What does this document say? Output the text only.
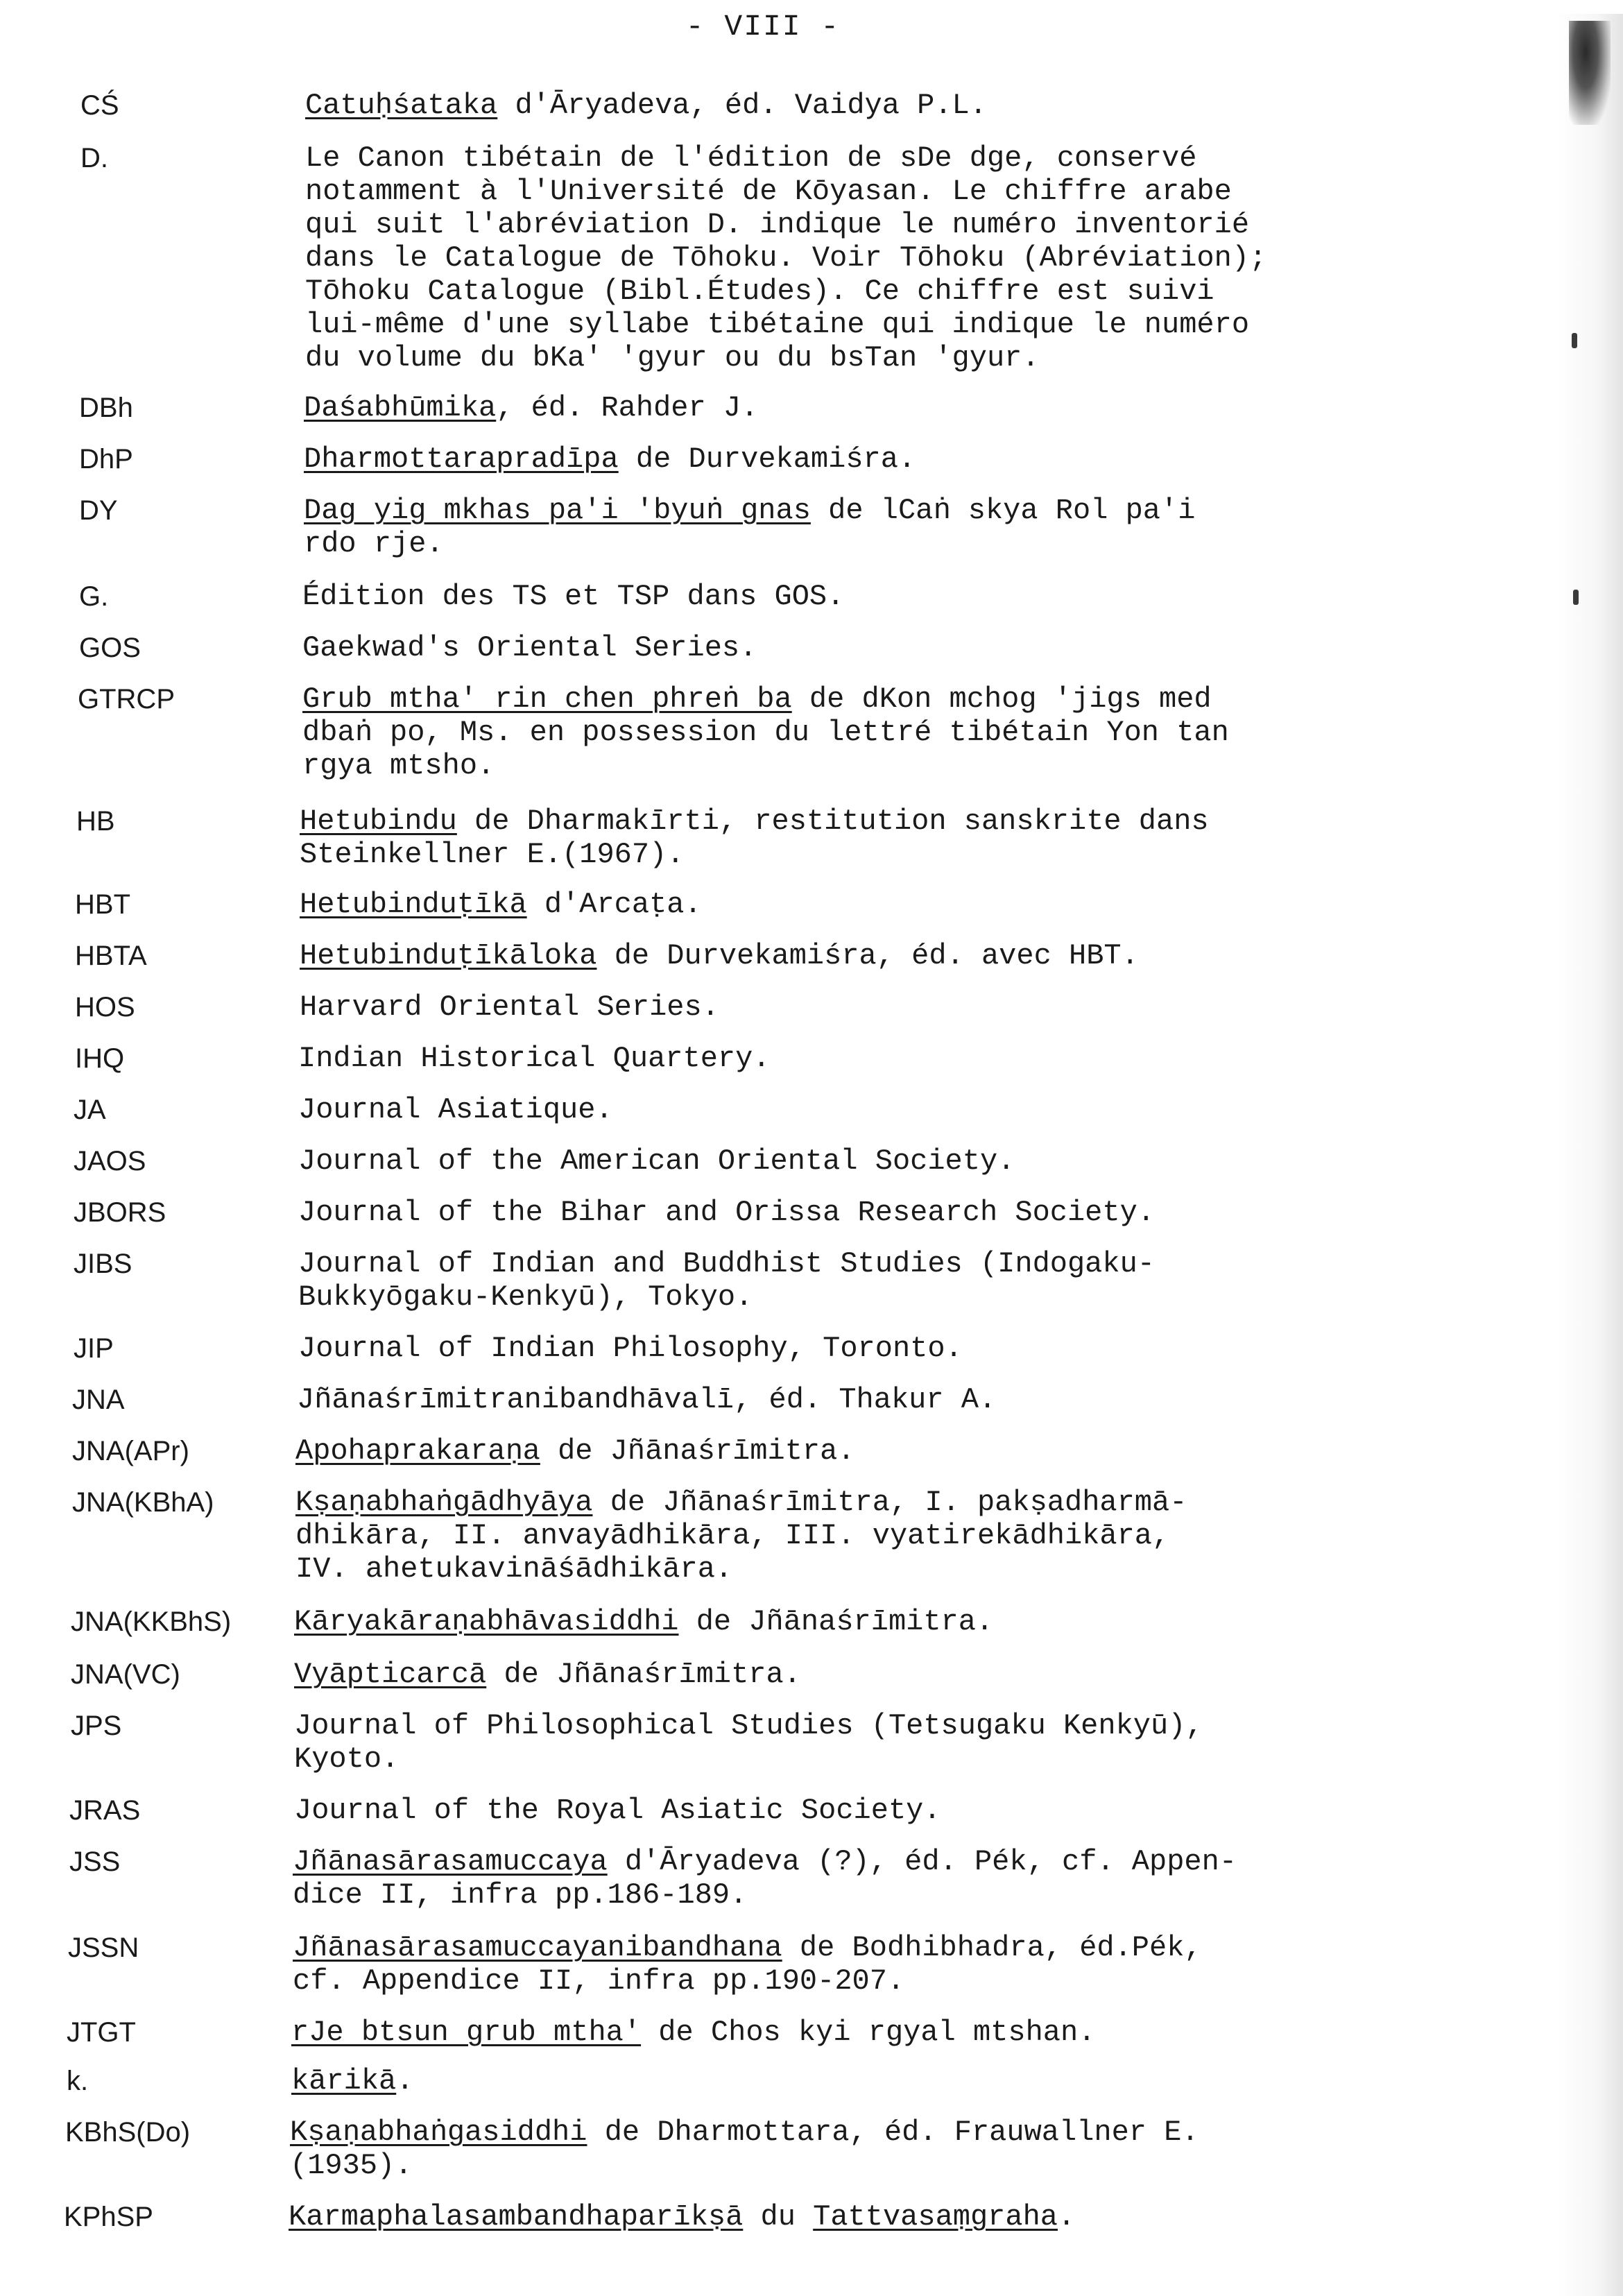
- VIII -
CŚ	Catuḥśataka d'Āryadeva, éd. Vaidya P.L.
D.	Le Canon tibétain de l'édition de sDe dge, conservé
notamment à l'Université de Kōyasan. Le chiffre arabe
qui suit l'abréviation D. indique le numéro inventorié
dans le Catalogue de Tōhoku. Voir Tōhoku (Abréviation);
Tōhoku Catalogue (Bibl.Études). Ce chiffre est suivi
lui-même d'une syllabe tibétaine qui indique le numéro
du volume du bKa' 'gyur ou du bsTan 'gyur.
DBh	Daśabhūmika, éd. Rahder J.
DhP	Dharmottarapradīpa de Durvekamiśra.
DY	Dag yig mkhas pa'i 'byuṅ gnas de lCaṅ skya Rol pa'i
rdo rje.
G.	Édition des TS et TSP dans GOS.
GOS	Gaekwad's Oriental Series.
GTRCP	Grub mtha' rin chen phreṅ ba de dKon mchog 'jigs med
dbaṅ po, Ms. en possession du lettré tibétain Yon tan
rgya mtsho.
HB	Hetubindu de Dharmakīrti, restitution sanskrite dans
Steinkellner E.(1967).
HBT	Hetubinduṭīkā d'Arcaṭa.
HBTA	Hetubinduṭīkāloka de Durvekamiśra, éd. avec HBT.
HOS	Harvard Oriental Series.
IHQ	Indian Historical Quartery.
JA	Journal Asiatique.
JAOS	Journal of the American Oriental Society.
JBORS	Journal of the Bihar and Orissa Research Society.
JIBS	Journal of Indian and Buddhist Studies (Indogaku-
Bukkyōgaku-Kenkyū), Tokyo.
JIP	Journal of Indian Philosophy, Toronto.
JNA	Jñānaśrīmitranibandhāvalī, éd. Thakur A.
JNA(APr)	Apohaprakaraṇa de Jñānaśrīmitra.
JNA(KBhA)	Kṣaṇabhaṅgādhyāya de Jñānaśrīmitra, I. pakṣadharmā-
dhikāra, II. anvayādhikāra, III. vyatirekādhikāra,
IV. ahetukavināśādhikāra.
JNA(KKBhS) Kāryakāraṇabhāvasiddhi de Jñānaśrīmitra.
JNA(VC)	Vyāpticarcā de Jñānaśrīmitra.
JPS	Journal of Philosophical Studies (Tetsugaku Kenkyū),
Kyoto.
JRAS	Journal of the Royal Asiatic Society.
JSS	Jñānasārasamuccaya d'Āryadeva (?), éd. Pék, cf. Appen-
dice II, infra pp.186-189.
JSSN	Jñānasārasamuccayanibandhana de Bodhibhadra, éd.Pék,
cf. Appendice II, infra pp.190-207.
JTGT	rJe btsun grub mtha' de Chos kyi rgyal mtshan.
k.	kārikā.
KBhS(Do)	Kṣaṇabhaṅgasiddhi de Dharmottara, éd. Frauwallner E.
(1935).
KPhSP	Karmaphalasambandhaparīkṣā du Tattvasaṃgraha.
